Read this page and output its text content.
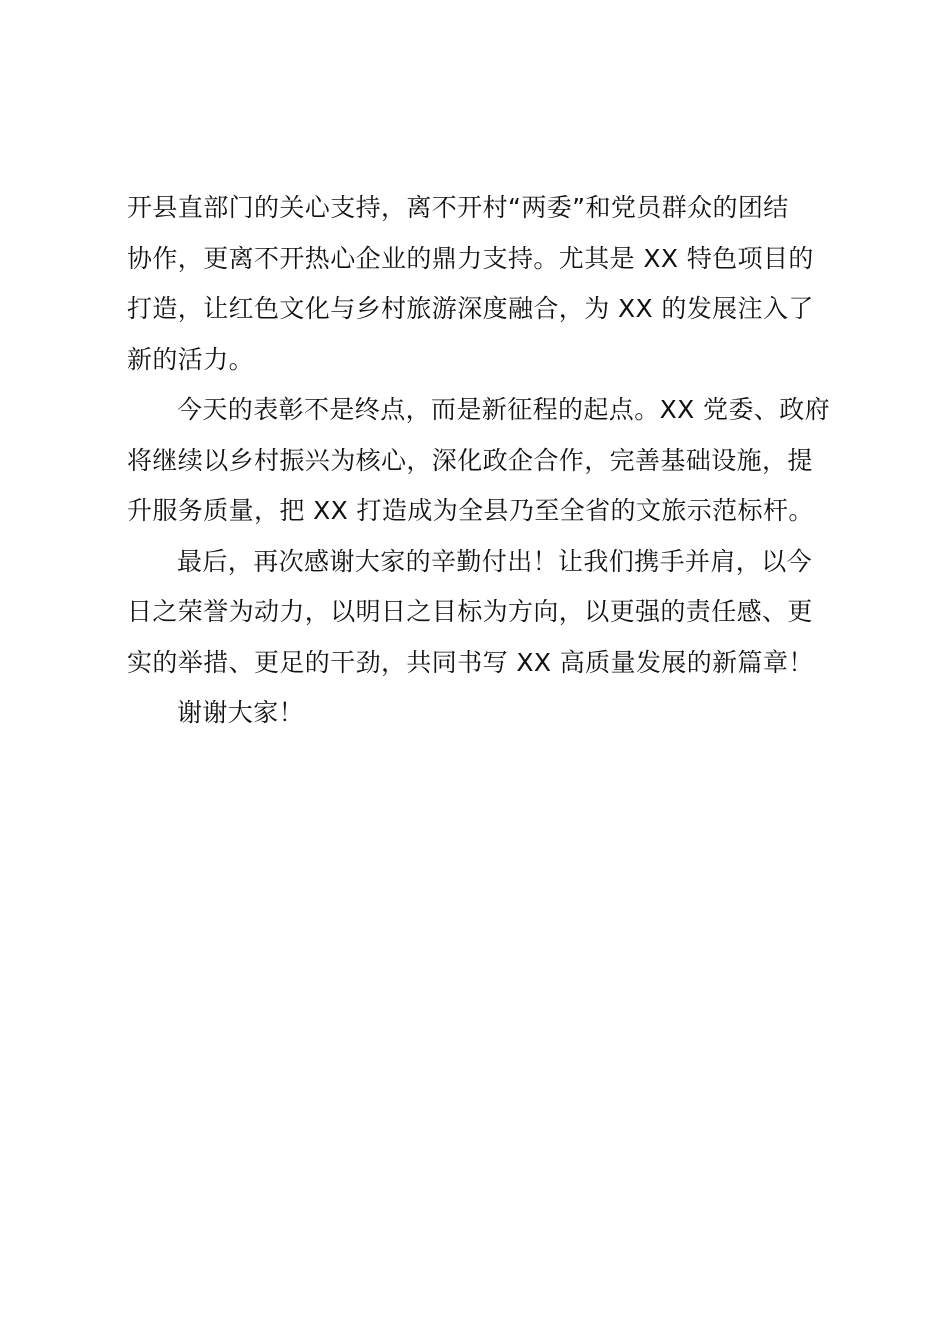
开县直部门的关心支持，离不开村“两委”和党员群众的团结
协作，更离不开热心企业的鼎力支持。尤其是 XX 特色项目的
打造，让红色文化与乡村旅游深度融合，为 XX 的发展注入了
新的活力。
今天的表彰不是终点，而是新征程的起点。XX 党委、政府
将继续以乡村振兴为核心，深化政企合作，完善基础设施，提
升服务质量，把 XX 打造成为全县乃至全省的文旅示范标杆。
最后，再次感谢大家的辛勤付出！让我们携手并肩，以今
日之荣誉为动力，以明日之目标为方向，以更强的责任感、更
实的举措、更足的干劲，共同书写 XX 高质量发展的新篇章！
谢谢大家！
